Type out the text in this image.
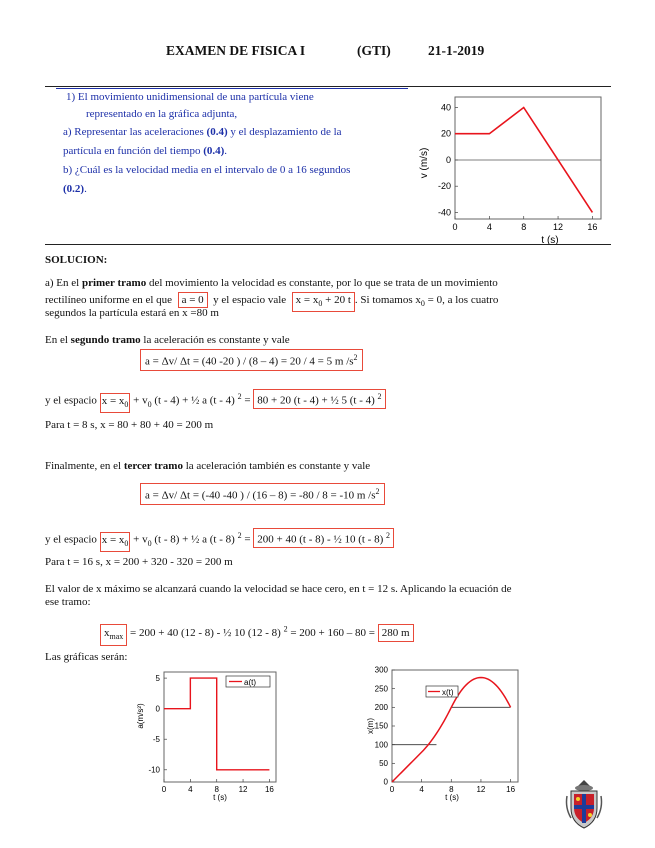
EXAMEN DE FISICA I	(GTI)	21-1-2019
1) El movimiento unidimensional de una partícula viene
representado en la gráfica adjunta,
a) Representar las aceleraciones (0.4) y el desplazamiento de la
partícula en función del tiempo (0.4).
b) ¿Cuál es la velocidad media en el intervalo de 0 a 16 segundos
(0.2).
0	4	8	12	16
40
20
0
-20
-40
v (m/s)
t (s)
SOLUCION:
a) En el primer tramo del movimiento la velocidad es constante, por lo que se trata de un movimiento
rectilíneo uniforme en el que a = 0 y el espacio vale $x = x_0 + 20$ t . Si tomamos $x_0 = 0$, a los cuatro
segundos la partícula estará en x =80 m
En el segundo tramo la aceleración es constante y vale
a = Δv/ Δt = (40 -20 ) / (8 – 4) = 20 / 4 = 5 m $/s^2$
y el espacio $x = x_0 + v_0$ (t - 4) + ½ a (t - 4) $^2$ = 80 + 20 (t - 4) + ½ 5 (t - 4) $^2$
Para t = 8 s, x = 80 + 80 + 40 = 200 m
Finalmente, en el tercer tramo la aceleración también es constante y vale
a = Δv/ Δt = (-40 -40 ) / (16 – 8) = -80 / 8 = -10 m $/s^2$
y el espacio $x = x_0 + v_0$ (t - 8) + ½ a (t - 8) $^2$ = 200 + 40 (t - 8) - ½ 10 (t - 8) $^2$
Para t = 16 s, x = 200 + 320 - 320 = 200 m
El valor de x máximo se alcanzará cuando la velocidad se hace cero, en t = 12 s. Aplicando la ecuación de
ese tramo:
$x_{max} = 200 + 40$ (12 - 8) - ½ 10 (12 - 8) $^2$ = 200 + 160 – 80 = 280 m
Las gráficas serán:
0	4	8 12 16
5
0
-5
-10
a(t)
a(m/s²)
t (s)
0	4	8	12	16
300
250
200
150
100
50
0
x(t)
x(m)
t (s)
